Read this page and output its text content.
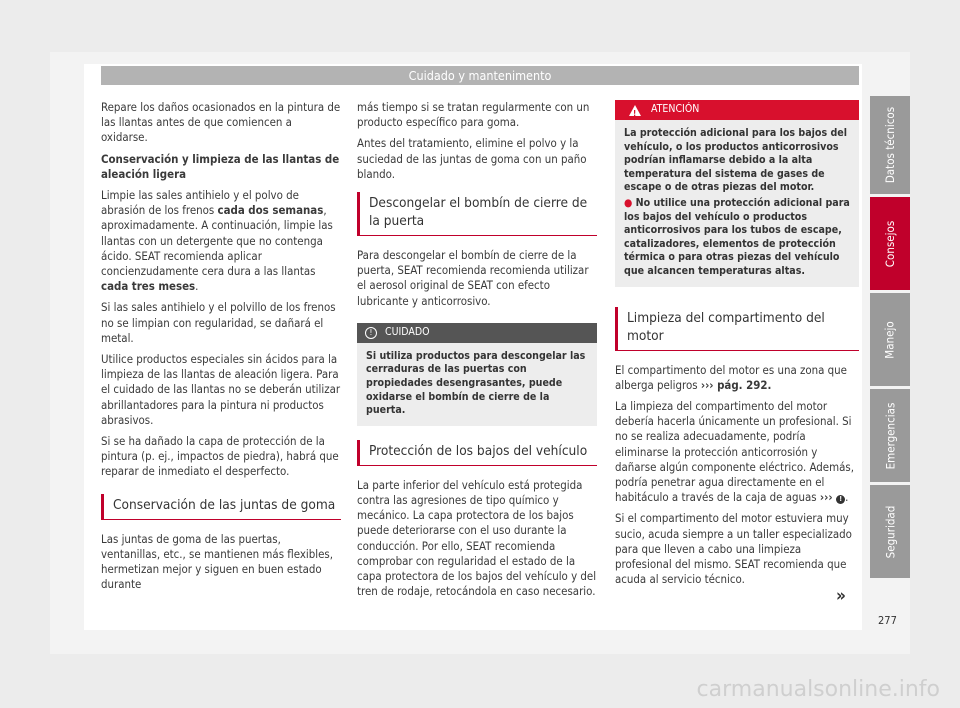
Cuidado y mantenimento

Repare los daños ocasionados en la pintura de las llantas antes de que comiencen a oxidarse.

Conservación y limpieza de las llantas de aleación ligera

Limpie las sales antihielo y el polvo de abrasión de los frenos cada dos semanas, aproximadamente. A continuación, limpie las llantas con un detergente que no contenga ácido. SEAT recomienda aplicar concienzudamente cera dura a las llantas cada tres meses.

Si las sales antihielo y el polvillo de los frenos no se limpian con regularidad, se dañará el metal.

Utilice productos especiales sin ácidos para la limpieza de las llantas de aleación ligera. Para el cuidado de las llantas no se deberán utilizar abrillantadores para la pintura ni productos abrasivos.

Si se ha dañado la capa de protección de la pintura (p. ej., impactos de piedra), habrá que reparar de inmediato el desperfecto.

Conservación de las juntas de goma

Las juntas de goma de las puertas, ventanillas, etc., se mantienen más flexibles, hermetizan mejor y siguen en buen estado durante

más tiempo si se tratan regularmente con un producto específico para goma.

Antes del tratamiento, elimine el polvo y la suciedad de las juntas de goma con un paño blando.

Descongelar el bombín de cierre de la puerta

Para descongelar el bombín de cierre de la puerta, SEAT recomienda recomienda utilizar el aerosol original de SEAT con efecto lubricante y anticorrosivo.

!	CUIDADO
Si utiliza productos para descongelar las cerraduras de las puertas con propiedades desengrasantes, puede oxidarse el bombín de cierre de la puerta.
Protección de los bajos del vehículo

La parte inferior del vehículo está protegida contra las agresiones de tipo químico y mecánico. La capa protectora de los bajos puede deteriorarse con el uso durante la conducción. Por ello, SEAT recomienda comprobar con regularidad el estado de la capa protectora de los bajos del vehículo y del tren de rodaje, retocándola en caso necesario.

! ATENCIÓN
La protección adicional para los bajos del vehículo, o los productos anticorrosivos podrían inflamarse debido a la alta temperatura del sistema de gases de escape o de otras piezas del motor.
● No utilice una protección adicional para los bajos del vehículo o productos anticorrosivos para los tubos de escape, catalizadores, elementos de protección térmica o para otras piezas del vehículo que alcancen temperaturas altas.
Limpieza del compartimento del motor

El compartimento del motor es una zona que alberga peligros ››› pág. 292.

La limpieza del compartimento del motor debería hacerla únicamente un profesional. Si no se realiza adecuadamente, podría eliminarse la protección anticorrosión y dañarse algún componente eléctrico. Además, podría penetrar agua directamente en el habitáculo a través de la caja de aguas ››› ! .

Si el compartimento del motor estuviera muy sucio, acuda siempre a un taller especializado para que lleven a cabo una limpieza profesional del mismo. SEAT recomienda que acuda al servicio técnico.

Datos técnicos
Consejos
Manejo
Emergencias
Seguridad
»
277
carmanualsonline.info
